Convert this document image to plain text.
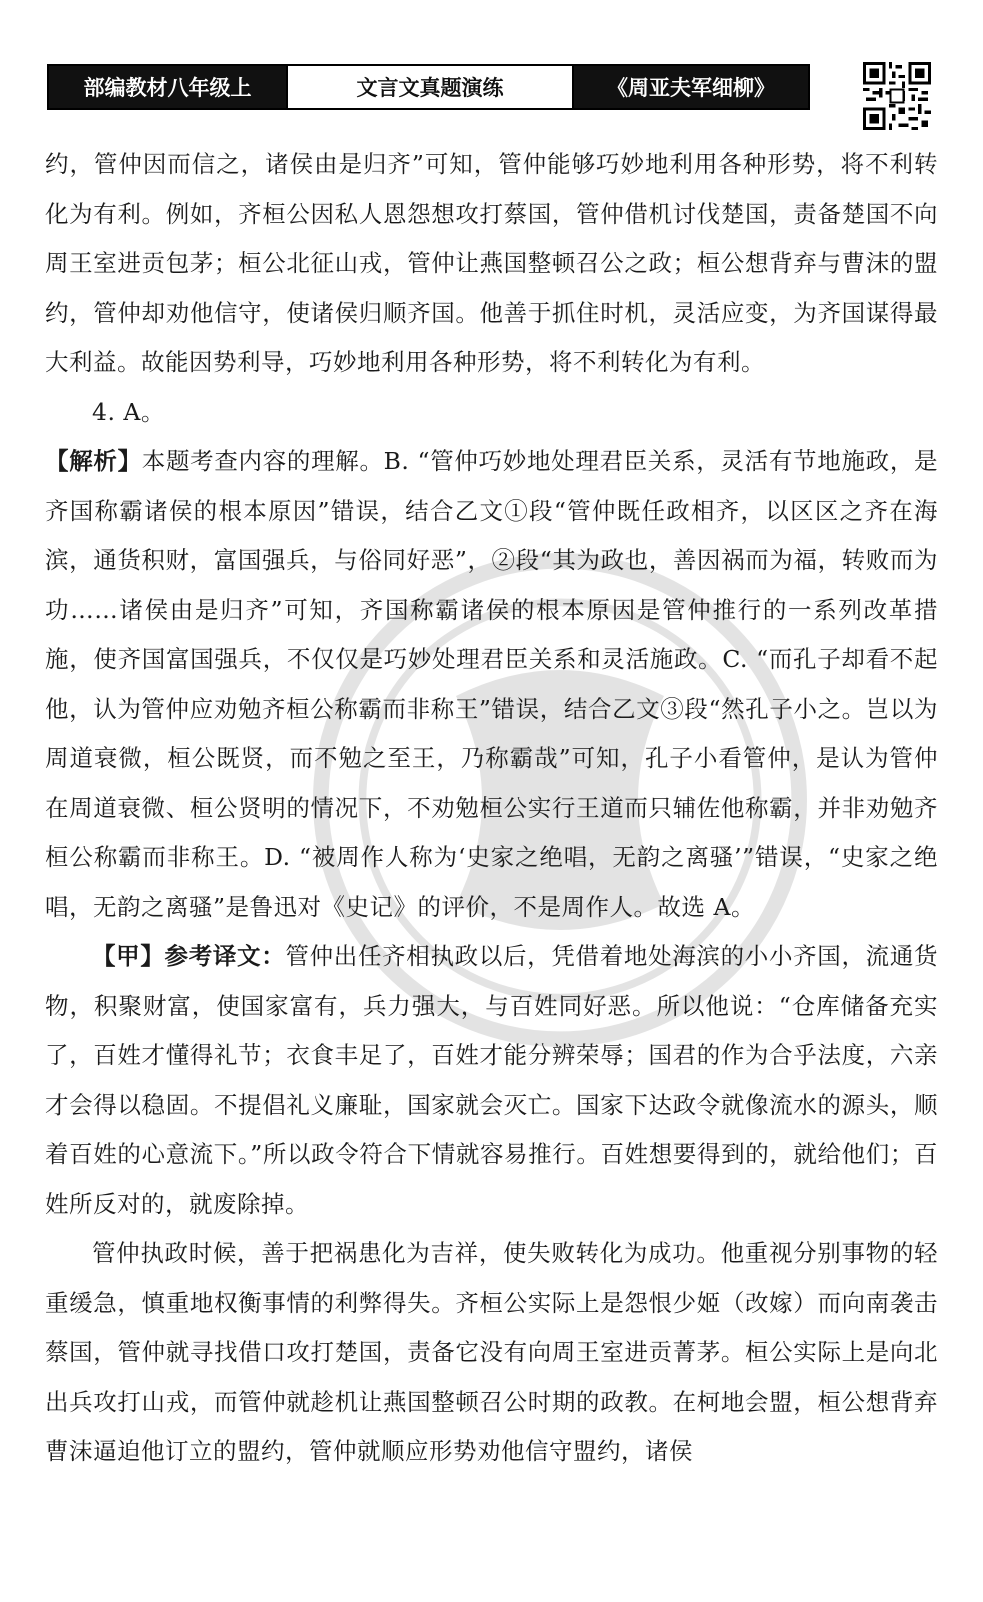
部编教材八年级上	文言文真题演练	《周亚夫军细柳》

约，管仲因而信之，诸侯由是归齐”可知，管仲能够巧妙地利用各种形势，将不利转化为有利。例如，齐桓公因私人恩怨想攻打蔡国，管仲借机讨伐楚国，责备楚国不向周王室进贡包茅；桓公北征山戎，管仲让燕国整顿召公之政；桓公想背弃与曹沫的盟约，管仲却劝他信守，使诸侯归顺齐国。他善于抓住时机，灵活应变，为齐国谋得最大利益。故能因势利导，巧妙地利用各种形势，将不利转化为有利。

4. A。

【解析】本题考查内容的理解。B. “管仲巧妙地处理君臣关系，灵活有节地施政，是齐国称霸诸侯的根本原因”错误，结合乙文①段“管仲既任政相齐，以区区之齐在海滨，通货积财，富国强兵，与俗同好恶”，②段“其为政也，善因祸而为福，转败而为功……诸侯由是归齐”可知，齐国称霸诸侯的根本原因是管仲推行的一系列改革措施，使齐国富国强兵，不仅仅是巧妙处理君臣关系和灵活施政。C. “而孔子却看不起他，认为管仲应劝勉齐桓公称霸而非称王”错误，结合乙文③段“然孔子小之。岂以为周道衰微，桓公既贤，而不勉之至王，乃称霸哉”可知，孔子小看管仲，是认为管仲在周道衰微、桓公贤明的情况下，不劝勉桓公实行王道而只辅佐他称霸，并非劝勉齐桓公称霸而非称王。D. “被周作人称为‘史家之绝唱，无韵之离骚’”错误，“史家之绝唱，无韵之离骚”是鲁迅对《史记》的评价，不是周作人。故选 A。

【甲】参考译文：管仲出任齐相执政以后，凭借着地处海滨的小小齐国，流通货物，积聚财富，使国家富有，兵力强大，与百姓同好恶。所以他说：“仓库储备充实了，百姓才懂得礼节；衣食丰足了，百姓才能分辨荣辱；国君的作为合乎法度，六亲才会得以稳固。不提倡礼义廉耻，国家就会灭亡。国家下达政令就像流水的源头，顺着百姓的心意流下。”所以政令符合下情就容易推行。百姓想要得到的，就给他们；百姓所反对的，就废除掉。

管仲执政时候，善于把祸患化为吉祥，使失败转化为成功。他重视分别事物的轻重缓急，慎重地权衡事情的利弊得失。齐桓公实际上是怨恨少姬（改嫁）而向南袭击蔡国，管仲就寻找借口攻打楚国，责备它没有向周王室进贡菁茅。桓公实际上是向北出兵攻打山戎，而管仲就趁机让燕国整顿召公时期的政教。在柯地会盟，桓公想背弃曹沫逼迫他订立的盟约，管仲就顺应形势劝他信守盟约，诸侯
